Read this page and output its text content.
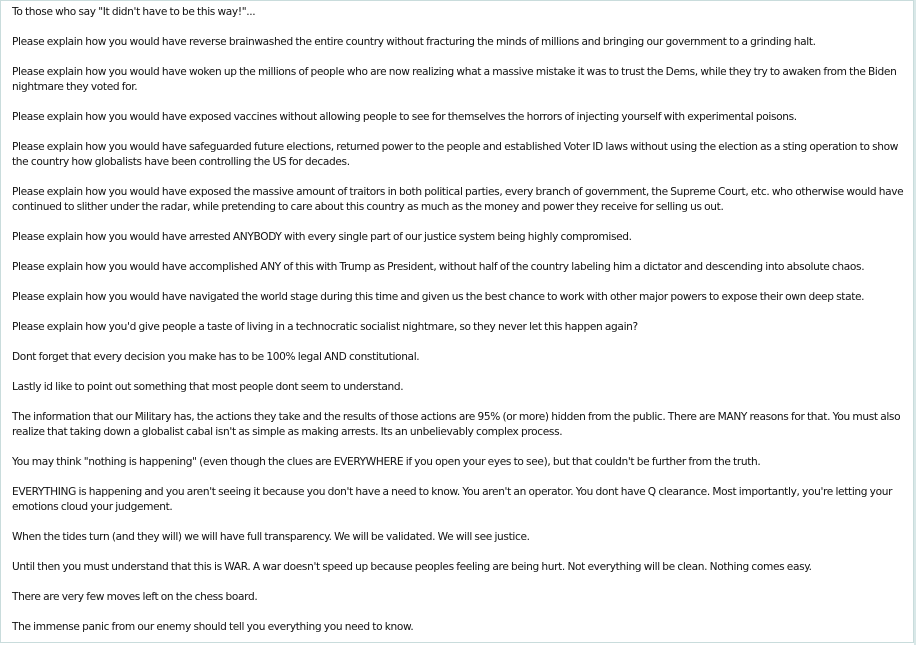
To those who say "It didn't have to be this way!"...

Please explain how you would have reverse brainwashed the entire country without fracturing the minds of millions and bringing our government to a grinding halt.

Please explain how you would have woken up the millions of people who are now realizing what a massive mistake it was to trust the Dems, while they try to awaken from the Biden nightmare they voted for.

Please explain how you would have exposed vaccines without allowing people to see for themselves the horrors of injecting yourself with experimental poisons.

Please explain how you would have safeguarded future elections, returned power to the people and established Voter ID laws without using the election as a sting operation to show the country how globalists have been controlling the US for decades.

Please explain how you would have exposed the massive amount of traitors in both political parties, every branch of government, the Supreme Court, etc. who otherwise would have continued to slither under the radar, while pretending to care about this country as much as the money and power they receive for selling us out.

Please explain how you would have arrested ANYBODY with every single part of our justice system being highly compromised.

Please explain how you would have accomplished ANY of this with Trump as President, without half of the country labeling him a dictator and descending into absolute chaos.

Please explain how you would have navigated the world stage during this time and given us the best chance to work with other major powers to expose their own deep state.

Please explain how you'd give people a taste of living in a technocratic socialist nightmare, so they never let this happen again?

Dont forget that every decision you make has to be 100% legal AND constitutional.

Lastly id like to point out something that most people dont seem to understand.

The information that our Military has, the actions they take and the results of those actions are 95% (or more) hidden from the public. There are MANY reasons for that. You must also realize that taking down a globalist cabal isn't as simple as making arrests. Its an unbelievably complex process.

You may think "nothing is happening" (even though the clues are EVERYWHERE if you open your eyes to see), but that couldn't be further from the truth.

EVERYTHING is happening and you aren't seeing it because you don't have a need to know. You aren't an operator. You dont have Q clearance. Most importantly, you're letting your emotions cloud your judgement.

When the tides turn (and they will) we will have full transparency. We will be validated. We will see justice.

Until then you must understand that this is WAR. A war doesn't speed up because peoples feeling are being hurt. Not everything will be clean. Nothing comes easy.

There are very few moves left on the chess board.

The immense panic from our enemy should tell you everything you need to know.
